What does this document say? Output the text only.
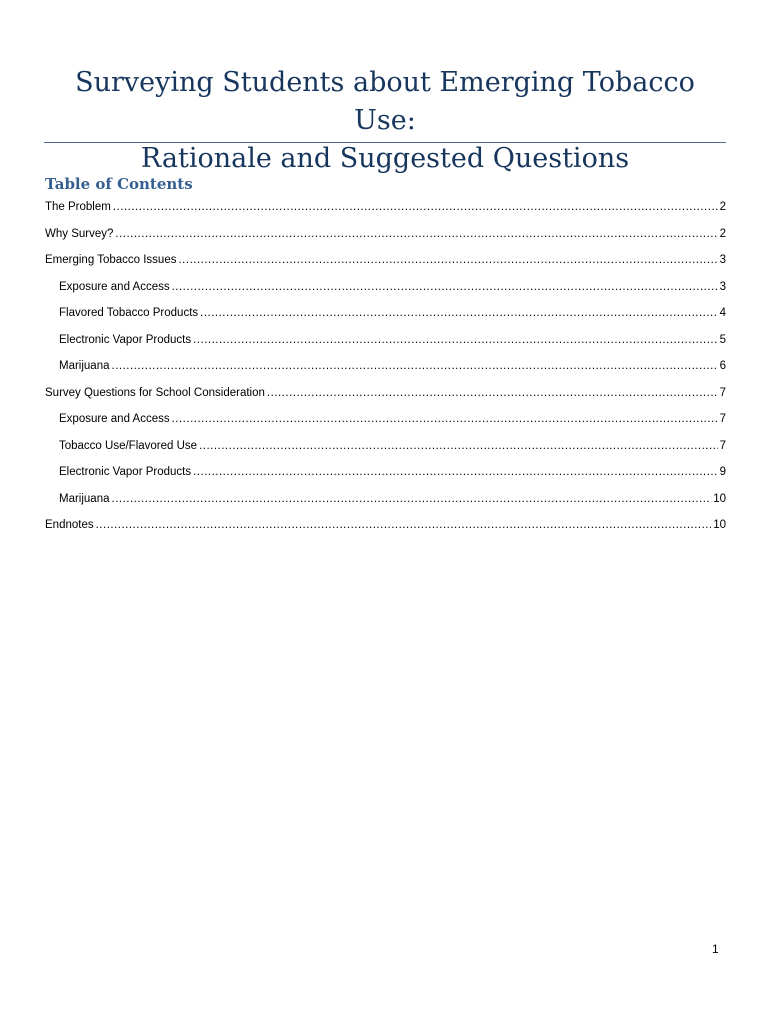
Surveying Students about Emerging Tobacco Use:
Rationale and Suggested Questions
Table of Contents
The Problem .....	2
Why Survey? .....	2
Emerging Tobacco Issues .....	3
Exposure and Access .....	3
Flavored Tobacco Products .....	4
Electronic Vapor Products .....	5
Marijuana .....	6
Survey Questions for School Consideration .....	7
Exposure and Access .....	7
Tobacco Use/Flavored Use .....	7
Electronic Vapor Products .....	9
Marijuana .....	10
Endnotes .....	10
1
